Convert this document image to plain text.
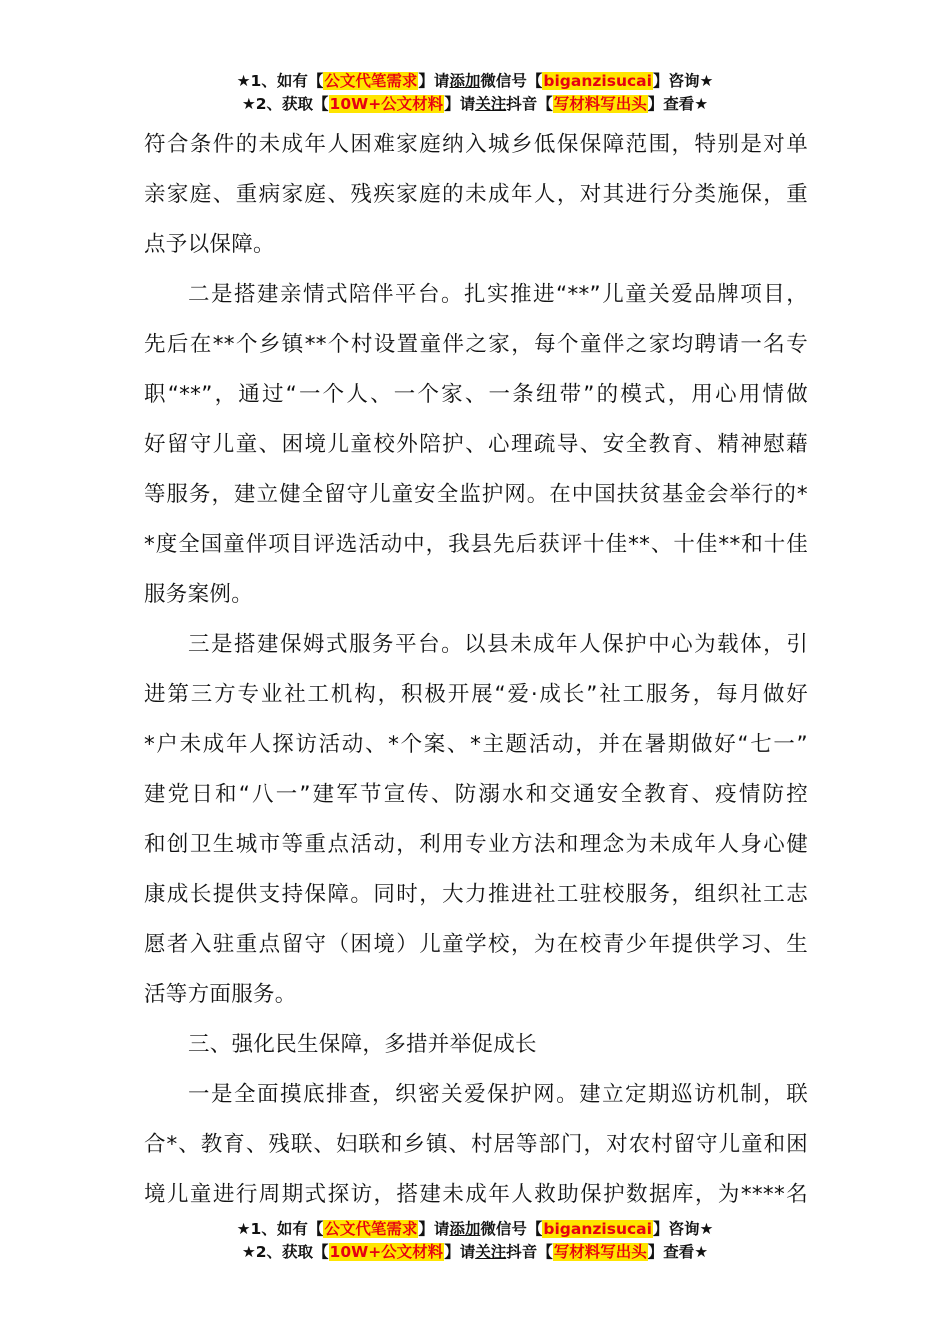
★1、如有【公文代笔需求】请添加微信号【biganzisucai】咨询★
★2、获取【10W+公文材料】请关注抖音【写材料写出头】查看★
符合条件的未成年人困难家庭纳入城乡低保保障范围，特别是对单
亲家庭、重病家庭、残疾家庭的未成年人，对其进行分类施保，重
点予以保障。
二是搭建亲情式陪伴平台。扎实推进“**”儿童关爱品牌项目，
先后在**个乡镇**个村设置童伴之家，每个童伴之家均聘请一名专
职“**”，通过“一个人、一个家、一条纽带”的模式，用心用情做
好留守儿童、困境儿童校外陪护、心理疏导、安全教育、精神慰藉
等服务，建立健全留守儿童安全监护网。在中国扶贫基金会举行的*
*度全国童伴项目评选活动中，我县先后获评十佳**、十佳**和十佳
服务案例。
三是搭建保姆式服务平台。以县未成年人保护中心为载体，引
进第三方专业社工机构，积极开展“爱·成长”社工服务，每月做好
*户未成年人探访活动、*个案、*主题活动，并在暑期做好“七一”
建党日和“八一”建军节宣传、防溺水和交通安全教育、疫情防控
和创卫生城市等重点活动，利用专业方法和理念为未成年人身心健
康成长提供支持保障。同时，大力推进社工驻校服务，组织社工志
愿者入驻重点留守（困境）儿童学校，为在校青少年提供学习、生
活等方面服务。
三、强化民生保障，多措并举促成长
一是全面摸底排查，织密关爱保护网。建立定期巡访机制，联
合*、教育、残联、妇联和乡镇、村居等部门，对农村留守儿童和困
境儿童进行周期式探访，搭建未成年人救助保护数据库，为****名
★1、如有【公文代笔需求】请添加微信号【biganzisucai】咨询★
★2、获取【10W+公文材料】请关注抖音【写材料写出头】查看★
